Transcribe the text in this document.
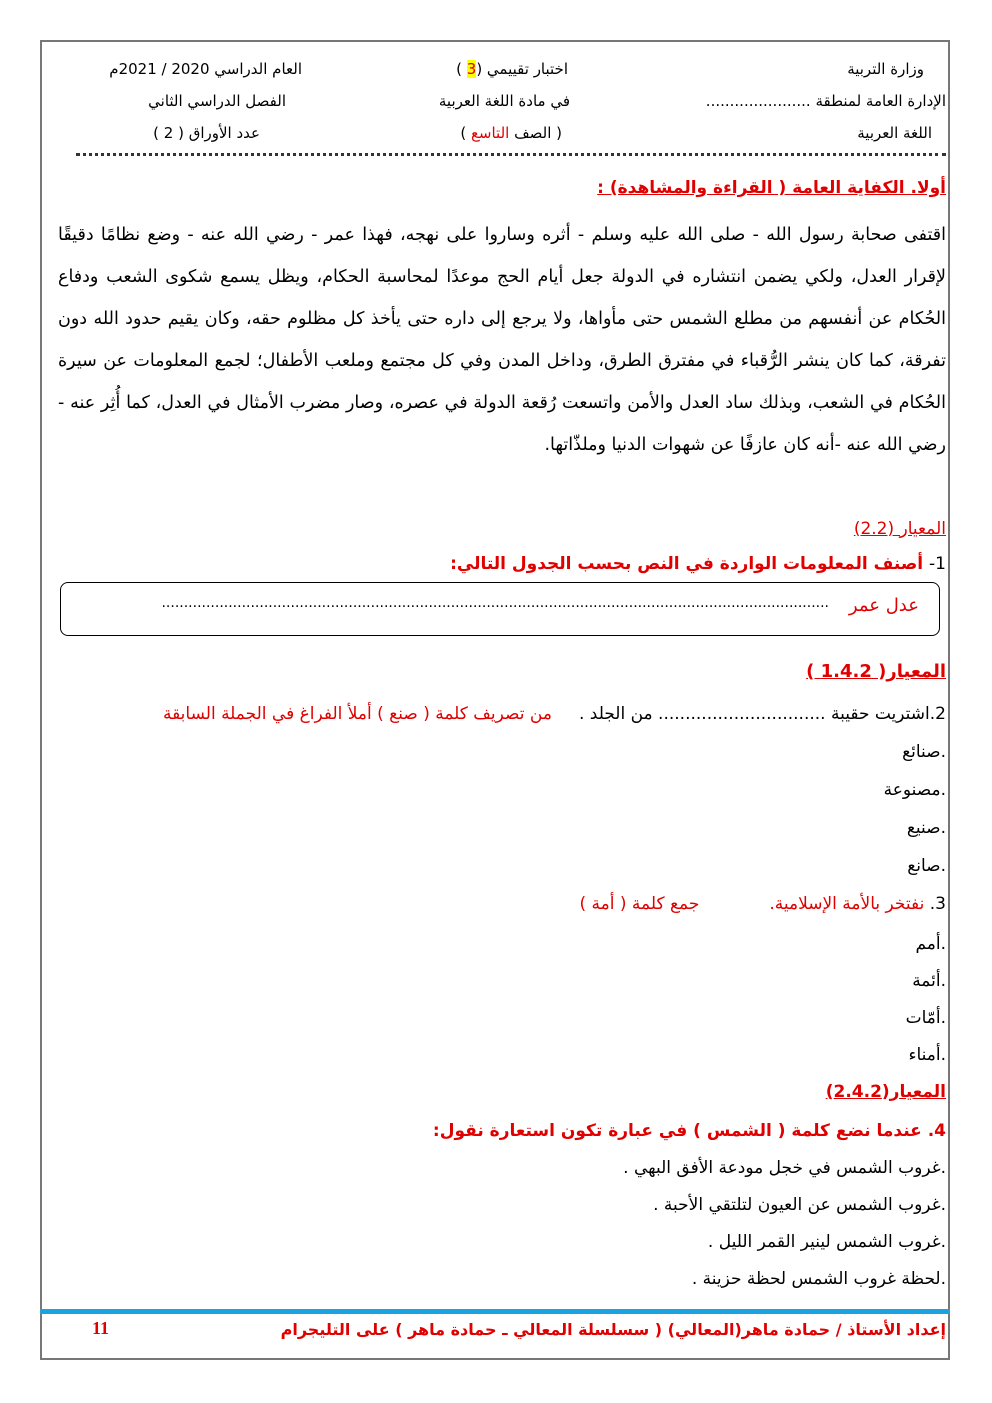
وزارة التربية
الإدارة العامة لمنطقة ......................
اللغة العربية
اختبار تقييمي (3 )
في مادة اللغة العربية
( الصف التاسع )
العام الدراسي 2020 / 2021م
الفصل الدراسي الثاني
عدد الأوراق ( 2 )
أولا. الكفاية العامة ( القراءة والمشاهدة) :
اقتفى صحابة رسول الله - صلى الله عليه وسلم - أثره وساروا على نهجه، فهذا عمر - رضي الله عنه - وضع نظامًا دقيقًا لإقرار العدل، ولكي يضمن انتشاره في الدولة جعل أيام الحج موعدًا لمحاسبة الحكام، ويظل يسمع شكوى الشعب ودفاع الحُكام عن أنفسهم من مطلع الشمس حتى مأواها، ولا يرجع إلى داره حتى يأخذ كل مظلوم حقه، وكان يقيم حدود الله دون تفرقة، كما كان ينشر الرُّقباء في مفترق الطرق، وداخل المدن وفي كل مجتمع وملعب الأطفال؛ لجمع المعلومات عن سيرة الحُكام في الشعب، وبذلك ساد العدل والأمن واتسعت رُقعة الدولة في عصره، وصار مضرب الأمثال في العدل، كما أُثِر عنه - رضي الله عنه -أنه كان عازفًا عن شهوات الدنيا وملذّاتها.
المعيار (2.2)
1- أصنف المعلومات الواردة في النص بحسب الجدول التالي:
عدل عمر
......................................................................................................................................................
المعيار( 1.4.2 )
2.اشتريت حقيبة ............................... من الجلد .     من تصريف كلمة ( صنع ) أملأ الفراغ في الجملة السابقة
.صنائع
.مصنوعة
.صنيع
.صانع
3. نفتخر بالأمة الإسلامية.جمع كلمة ( أمة )
.أمم
.أئمة
.أمّات
.أمناء
المعيار(2.4.2)
4. عندما نضع كلمة ( الشمس ) في عبارة تكون استعارة نقول:
.غروب الشمس في خجل مودعة الأفق البهي .
.غروب الشمس عن العيون لتلتقي الأحبة .
.غروب الشمس لينير القمر الليل .
.لحظة غروب الشمس لحظة حزينة .
إعداد الأستاذ / حمادة ماهر(المعالي) ( سسلسلة المعالي ـ حمادة ماهر ) على التليجرام
11
